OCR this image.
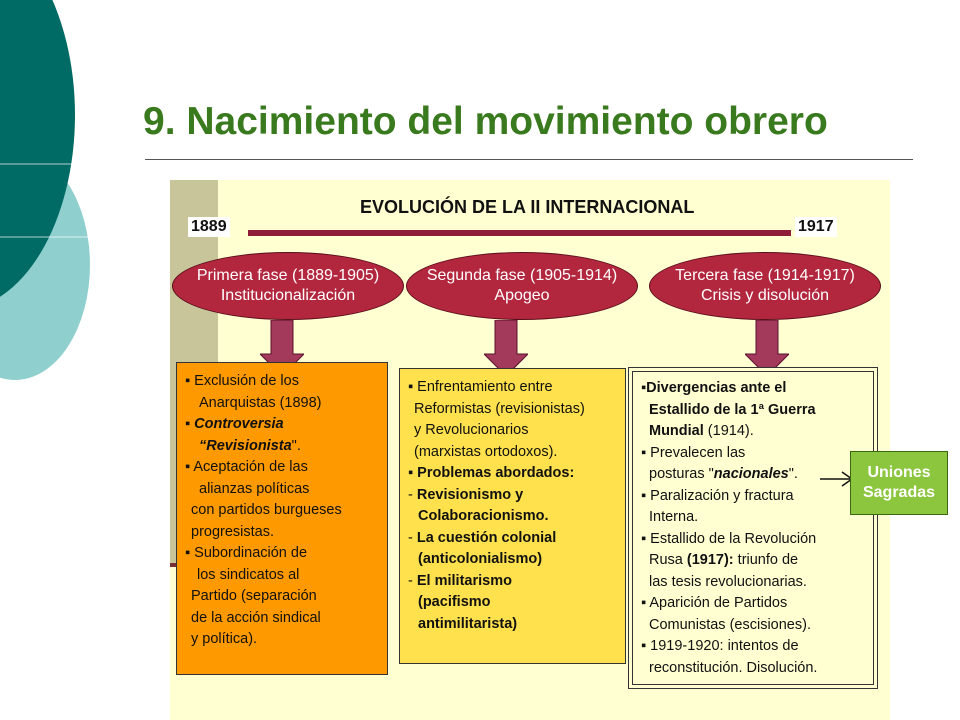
9. Nacimiento del movimiento obrero
EVOLUCIÓN DE LA II INTERNACIONAL
1889	1917
Primera fase (1889-1905)
Institucionalización
Segunda fase (1905-1914)
Apogeo
Tercera fase (1914-1917)
Crisis y disolución

▪ Exclusión de los

Anarquistas (1898)

▪ Controversia

“Revisionista".

▪ Aceptación de las

alianzas políticas

con partidos burgueses

progresistas.

▪ Subordinación de

los sindicatos al

Partido (separación

de la acción sindical

y política).

▪ Enfrentamiento entre

Reformistas (revisionistas)

y Revolucionarios

(marxistas ortodoxos).

▪ Problemas abordados:

- Revisionismo y

Colaboracionismo.

- La cuestión colonial

(anticolonialismo)

- El militarismo

(pacifismo

antimilitarista)

▪Divergencias ante el

Estallido de la 1ª Guerra

Mundial (1914).

▪ Prevalecen las

posturas "nacionales".

▪ Paralización y fractura

Interna.

▪ Estallido de la Revolución

Rusa (1917): triunfo de

las tesis revolucionarias.

▪ Aparición de Partidos

Comunistas (escisiones).

▪ 1919-1920: intentos de

reconstitución. Disolución.

Uniones
Sagradas
